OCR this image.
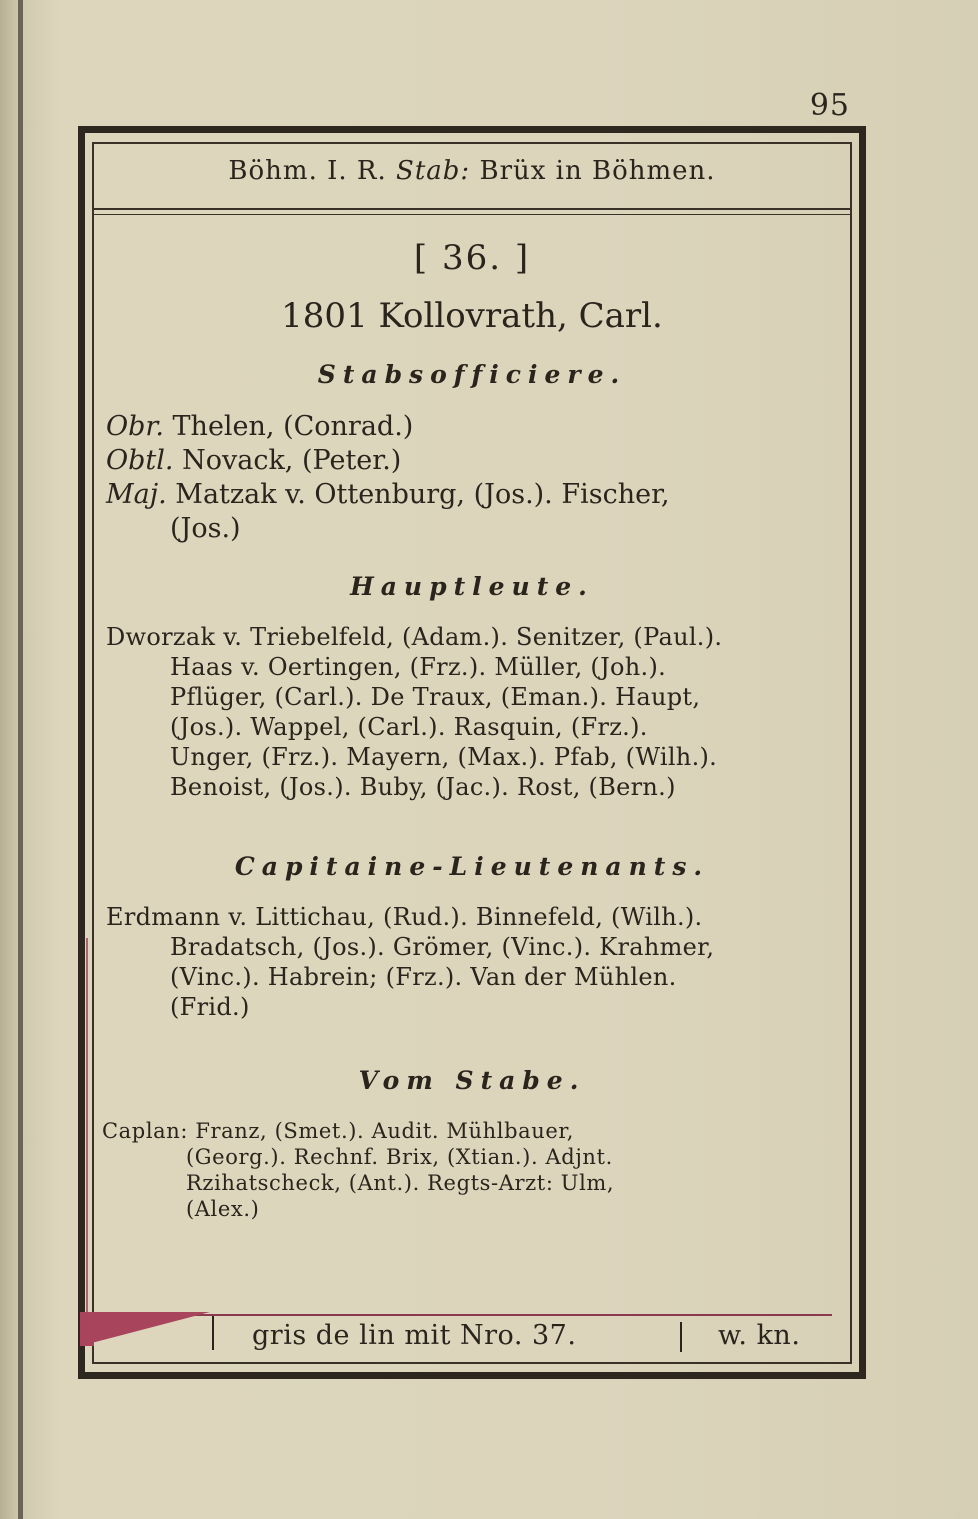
95
Böhm. I. R. Stab: Brüx in Böhmen.
[ 36. ]
1801 Kollovrath, Carl.
Stabsofficiere.
Obr. Thelen, (Conrad.)
Obtl. Novack, (Peter.)
Maj. Matzak v. Ottenburg, (Jos.). Fischer,
(Jos.)
Hauptleute.
Dworzak v. Triebelfeld, (Adam.). Senitzer, (Paul.).
Haas v. Oertingen, (Frz.). Müller, (Joh.).
Pflüger, (Carl.). De Traux, (Eman.). Haupt,
(Jos.). Wappel, (Carl.). Rasquin, (Frz.).
Unger, (Frz.). Mayern, (Max.). Pfab, (Wilh.).
Benoist, (Jos.). Buby, (Jac.). Rost, (Bern.)
Capitaine-Lieutenants.
Erdmann v. Littichau, (Rud.). Binnefeld, (Wilh.).
Bradatsch, (Jos.). Grömer, (Vinc.). Krahmer,
(Vinc.). Habrein; (Frz.). Van der Mühlen.
(Frid.)
Vom Stabe.
Caplan: Franz, (Smet.). Audit. Mühlbauer,
(Georg.). Rechnf. Brix, (Xtian.). Adjnt.
Rzihatscheck, (Ant.). Regts-Arzt: Ulm,
(Alex.)
gris de lin mit Nro. 37.	w. kn.
